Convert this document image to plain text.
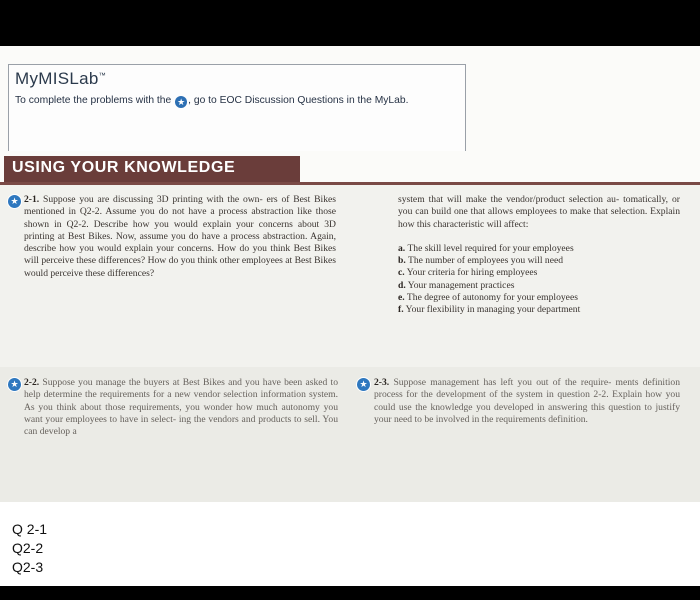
MyMISLab™
To complete the problems with the ★ , go to EOC Discussion Questions in the MyLab.
USING YOUR KNOWLEDGE
★ 2-1. Suppose you are discussing 3D printing with the own- ers of Best Bikes mentioned in Q2-2. Assume you do not have a process abstraction like those shown in Q2-2. Describe how you would explain your concerns about 3D printing at Best Bikes. Now, assume you do have a process abstraction. Again, describe how you would explain your concerns. How do you think Best Bikes will perceive these differences? How do you think other employees at Best Bikes would perceive these differences?
★ 2-2. Suppose you manage the buyers at Best Bikes and you have been asked to help determine the requirements for a new vendor selection information system. As you think about those requirements, you wonder how much autonomy you want your employees to have in select- ing the vendors and products to sell. You can develop a
system that will make the vendor/product selection au- tomatically, or you can build one that allows employees to make that selection. Explain how this characteristic will affect:
a. The skill level required for your employees
b. The number of employees you will need
c. Your criteria for hiring employees
d. Your management practices
e. The degree of autonomy for your employees
f. Your flexibility in managing your department
★ 2-3. Suppose management has left you out of the require- ments definition process for the development of the system in question 2-2. Explain how you could use the knowledge you developed in answering this question to justify your need to be involved in the requirements definition.
Q 2-1
Q2-2
Q2-3
